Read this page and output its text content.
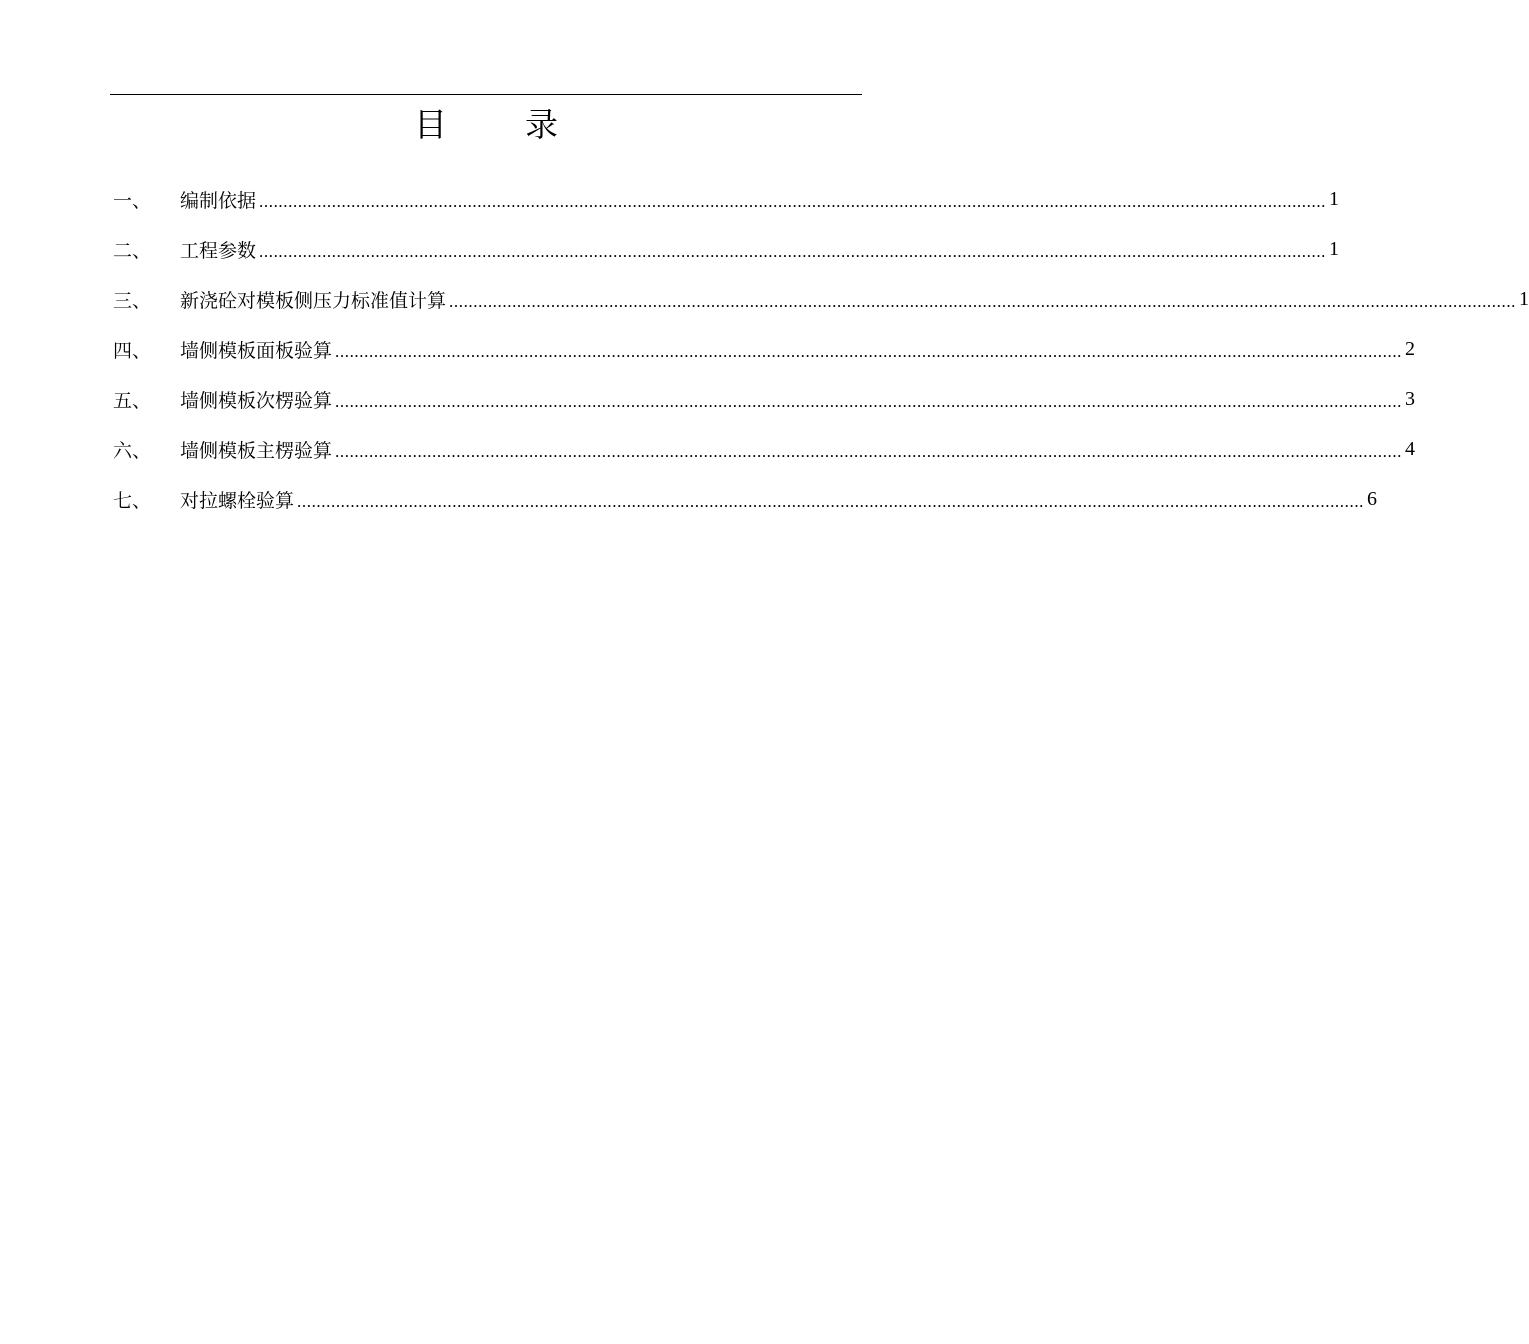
目 录
一、	编制依据 ............................................................................................................................................................................................................................ 1
二、	工程参数 ............................................................................................................................................................................................................................ 1
三、	新浇砼对模板侧压力标准值计算 ............................................................................................................................................................................................................................ 1
四、	墙侧模板面板验算 ............................................................................................................................................................................................................................ 2
五、	墙侧模板次楞验算 ............................................................................................................................................................................................................................ 3
六、	墙侧模板主楞验算 ............................................................................................................................................................................................................................ 4
七、	对拉螺栓验算 ............................................................................................................................................................................................................................ 6
